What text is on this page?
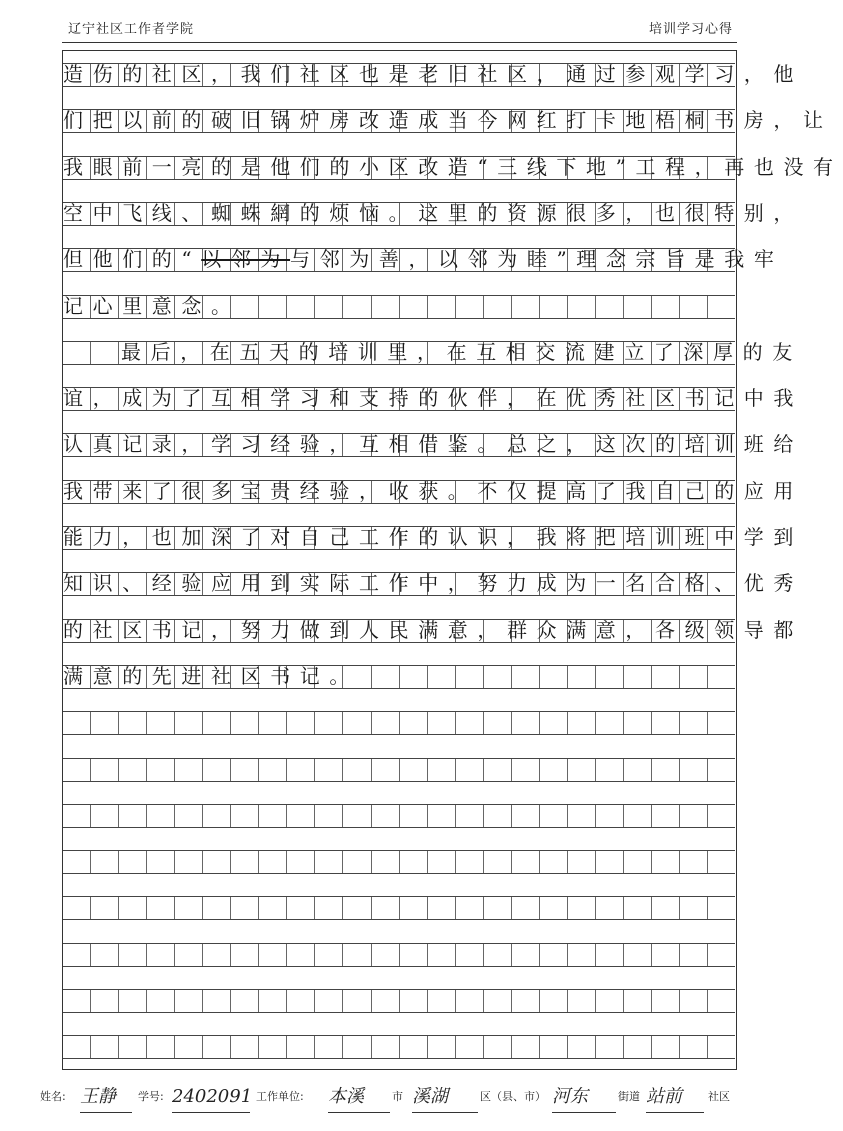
辽宁社区工作者学院	培训学习心得
造伤的社区，我们社区也是老旧社区，通过参观学习，他
们把以前的破旧锅炉房改造成当今网红打卡地梧桐书房，让
我眼前一亮的是他们的小区改造“三线下地”工程，再也没有
空中飞线、蜘蛛網的烦恼。这里的资源很多，也很特别，
但他们的“以邻为与邻为善，以邻为睦”理念宗旨是我牢
记心里意念。
最后，在五天的培训里，在互相交流建立了深厚的友
谊，成为了互相学习和支持的伙伴，在优秀社区书记中我
认真记录，学习经验，互相借鉴。总之，这次的培训班给
我带来了很多宝贵经验，收获。不仅提高了我自己的应用
能力，也加深了对自己工作的认识，我将把培训班中学到
知识、经验应用到实际工作中，努力成为一名合格、优秀
的社区书记，努力做到人民满意，群众满意，各级领导都
满意的先进社区书记。
姓名: 王静	学号: 2402091 工作单位: 本溪	市 溪湖	区（县、市） 河东	街道 站前	社区
